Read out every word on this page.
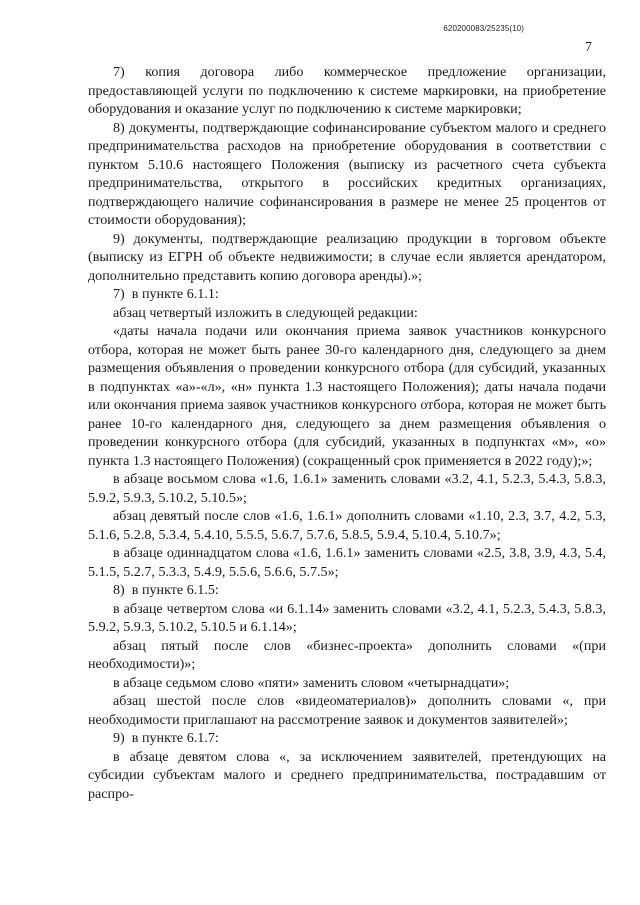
620200083/25235(10)
7

7) копия договора либо коммерческое предложение организации, предоставляющей услуги по подключению к системе маркировки, на приобретение оборудования и оказание услуг по подключению к системе маркировки;

8) документы, подтверждающие софинансирование субъектом малого и среднего предпринимательства расходов на приобретение оборудования в соответствии с пунктом 5.10.6 настоящего Положения (выписку из расчетного счета субъекта предпринимательства, открытого в российских кредитных организациях, подтверждающего наличие софинансирования в размере не менее 25 процентов от стоимости оборудования);

9) документы, подтверждающие реализацию продукции в торговом объекте (выписку из ЕГРН об объекте недвижимости; в случае если является арендатором, дополнительно представить копию договора аренды).»;

7)  в пункте 6.1.1:

абзац четвертый изложить в следующей редакции:

«даты начала подачи или окончания приема заявок участников конкурсного отбора, которая не может быть ранее 30-го календарного дня, следующего за днем размещения объявления о проведении конкурсного отбора (для субсидий, указанных в подпунктах «а»-«л», «н» пункта 1.3 настоящего Положения); даты начала подачи или окончания приема заявок участников конкурсного отбора, которая не может быть ранее 10-го календарного дня, следующего за днем размещения объявления о проведении конкурсного отбора (для субсидий, указанных в подпунктах «м», «о» пункта 1.3 настоящего Положения) (сокращенный срок применяется в 2022 году);»;

в абзаце восьмом слова «1.6, 1.6.1» заменить словами «3.2, 4.1, 5.2.3, 5.4.3, 5.8.3, 5.9.2, 5.9.3, 5.10.2, 5.10.5»;

абзац девятый после слов «1.6, 1.6.1» дополнить словами «1.10, 2.3, 3.7, 4.2, 5.3, 5.1.6, 5.2.8, 5.3.4, 5.4.10, 5.5.5, 5.6.7, 5.7.6, 5.8.5, 5.9.4, 5.10.4, 5.10.7»;

в абзаце одиннадцатом слова «1.6, 1.6.1» заменить словами «2.5, 3.8, 3.9, 4.3, 5.4, 5.1.5, 5.2.7, 5.3.3, 5.4.9, 5.5.6, 5.6.6, 5.7.5»;

8)  в пункте 6.1.5:

в абзаце четвертом слова «и 6.1.14» заменить словами «3.2, 4.1, 5.2.3, 5.4.3, 5.8.3, 5.9.2, 5.9.3, 5.10.2, 5.10.5 и 6.1.14»;

абзац пятый после слов «бизнес-проекта» дополнить словами «(при необходимости)»;

в абзаце седьмом слово «пяти» заменить словом «четырнадцати»;

абзац шестой после слов «видеоматериалов)» дополнить словами «, при необходимости приглашают на рассмотрение заявок и документов заявителей»;

9)  в пункте 6.1.7:

в абзаце девятом слова «, за исключением заявителей, претендующих на субсидии субъектам малого и среднего предпринимательства, пострадавшим от распро-
